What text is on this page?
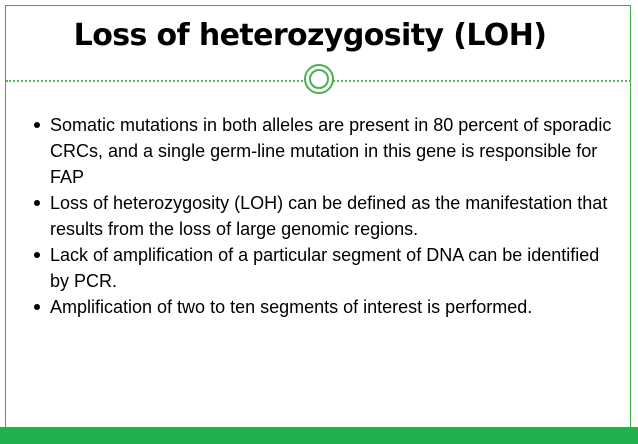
Loss of heterozygosity (LOH)
Somatic mutations in both alleles are present in 80 percent of sporadic CRCs, and a single germ-line mutation in this gene is responsible for FAP
Loss of heterozygosity (LOH) can be defined as the manifestation that results from the loss of large genomic regions.
Lack of amplification of a particular segment of DNA can be identified by PCR.
Amplification of two to ten segments of interest is performed.
